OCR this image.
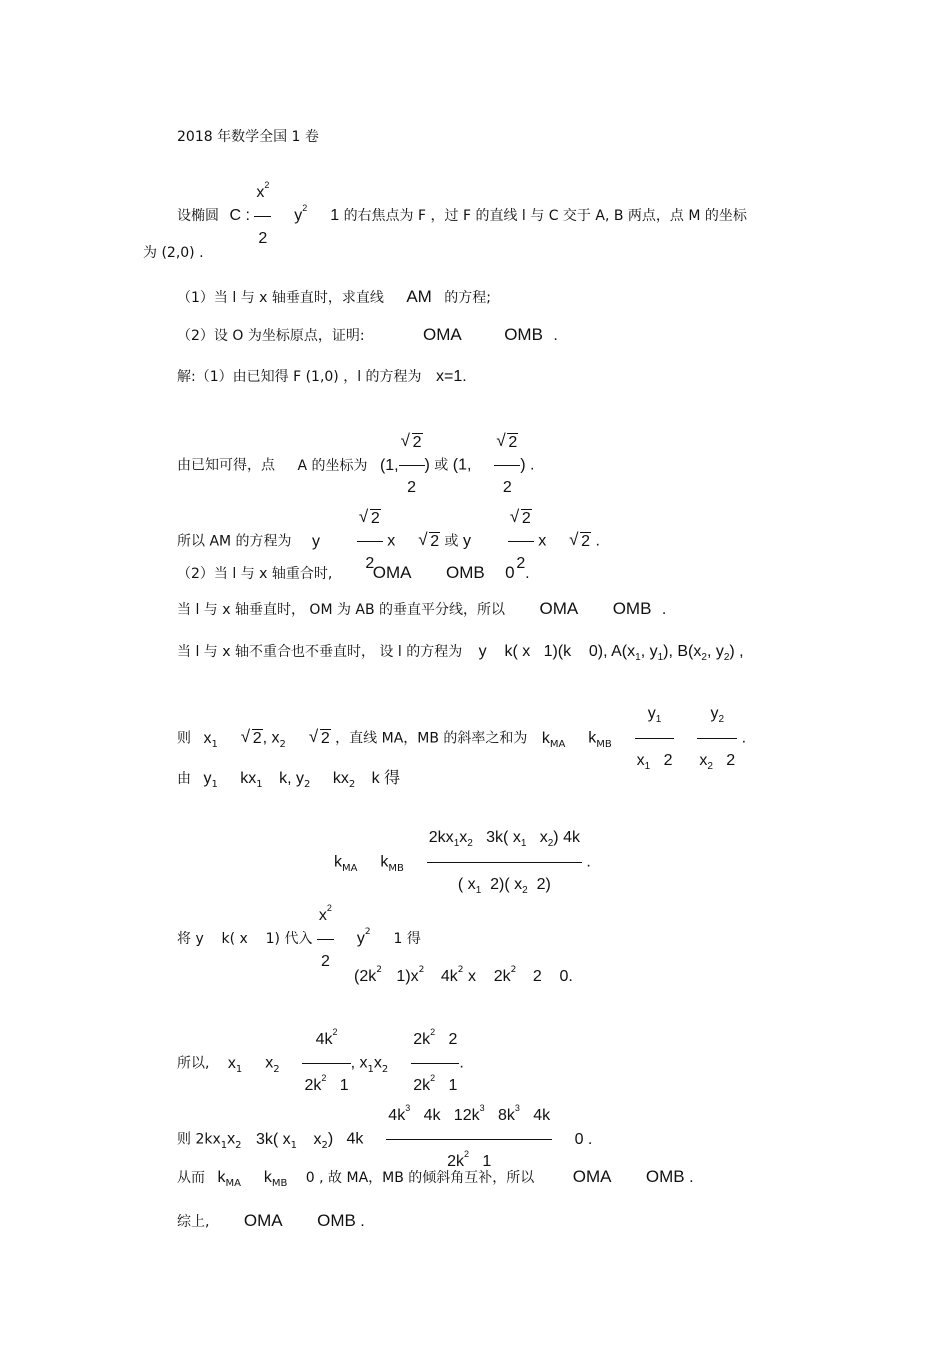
2018 年数学全国 1 卷
设椭圆 C : $\frac{x^2}{2} y^2$ 1 的右焦点为 F ，过 F 的直线 l 与 C 交于 A, B 两点，点 M 的坐标
为 (2,0) .
（1）当 l 与 x 轴垂直时，求直线 AM 的方程;
（2）设 O 为坐标原点，证明:	OMA OMB .
解:（1）由已知得 F (1,0) ，l 的方程为 x=1.
由已知可得，点 A 的坐标为 (1, √ $\frac{2}{2}$ ) 或 (1, √ $\frac{2}{2}$ ) .
所以 AM 的方程为 y √ $\frac{2}{2}$ x √ 2 或 y √ $\frac{2}{2}$ x √ 2 .
（2）当 l 与 x 轴重合时, OMA OMB 0 .
当 l 与 x 轴垂直时， OM 为 AB 的垂直平分线，所以 OMA OMB .
当 l 与 x 轴不重合也不垂直时， 设 l 的方程为 y    k( x   1)(k    0), $A(x_1$, $y_1$), $B(x_2$, $y_2$) ,
则 $x_1$ √ 2, $x_2$ √ 2 ，直线 MA，MB 的斜率之和为 $k_{MA}$ $k_{MB} \frac{y_1}{x_1 2}$
$\frac{y_2}{x_2 2}$ .
由 $y_1$ $kx_1$ k, $y_2$ $kx_2$ k 得
$k_{MA}$ $k_{MB} \frac{2kx_1x_2 3k( x_1 x_2) 4k}{( x_1 2)( x_2 2)}$ .
将 y    k( x    1) 代入 $\frac{x^2}{2} y^2$ 1 得
($2k^2$ $1)x^2$ $4k^2$ x    $2k^2$ 2    0.
所以, $x_1$ $x_2 \frac{4k^2}{2k^2 1}$ , $x_1x_2 \frac{2k^2 2}{2k^2 1}$ .
则 $2kx_1x_2$ 3k( $x_1$ $x_2$)   $4k \frac{4k^3 4k 12k^3 8k^3 4k}{2k^2 1} 0$ .
从而 $k_{MA}$ $k_{MB}$ 0 , 故 MA，MB 的倾斜角互补，所以 OMA OMB .
综上, OMA OMB .
